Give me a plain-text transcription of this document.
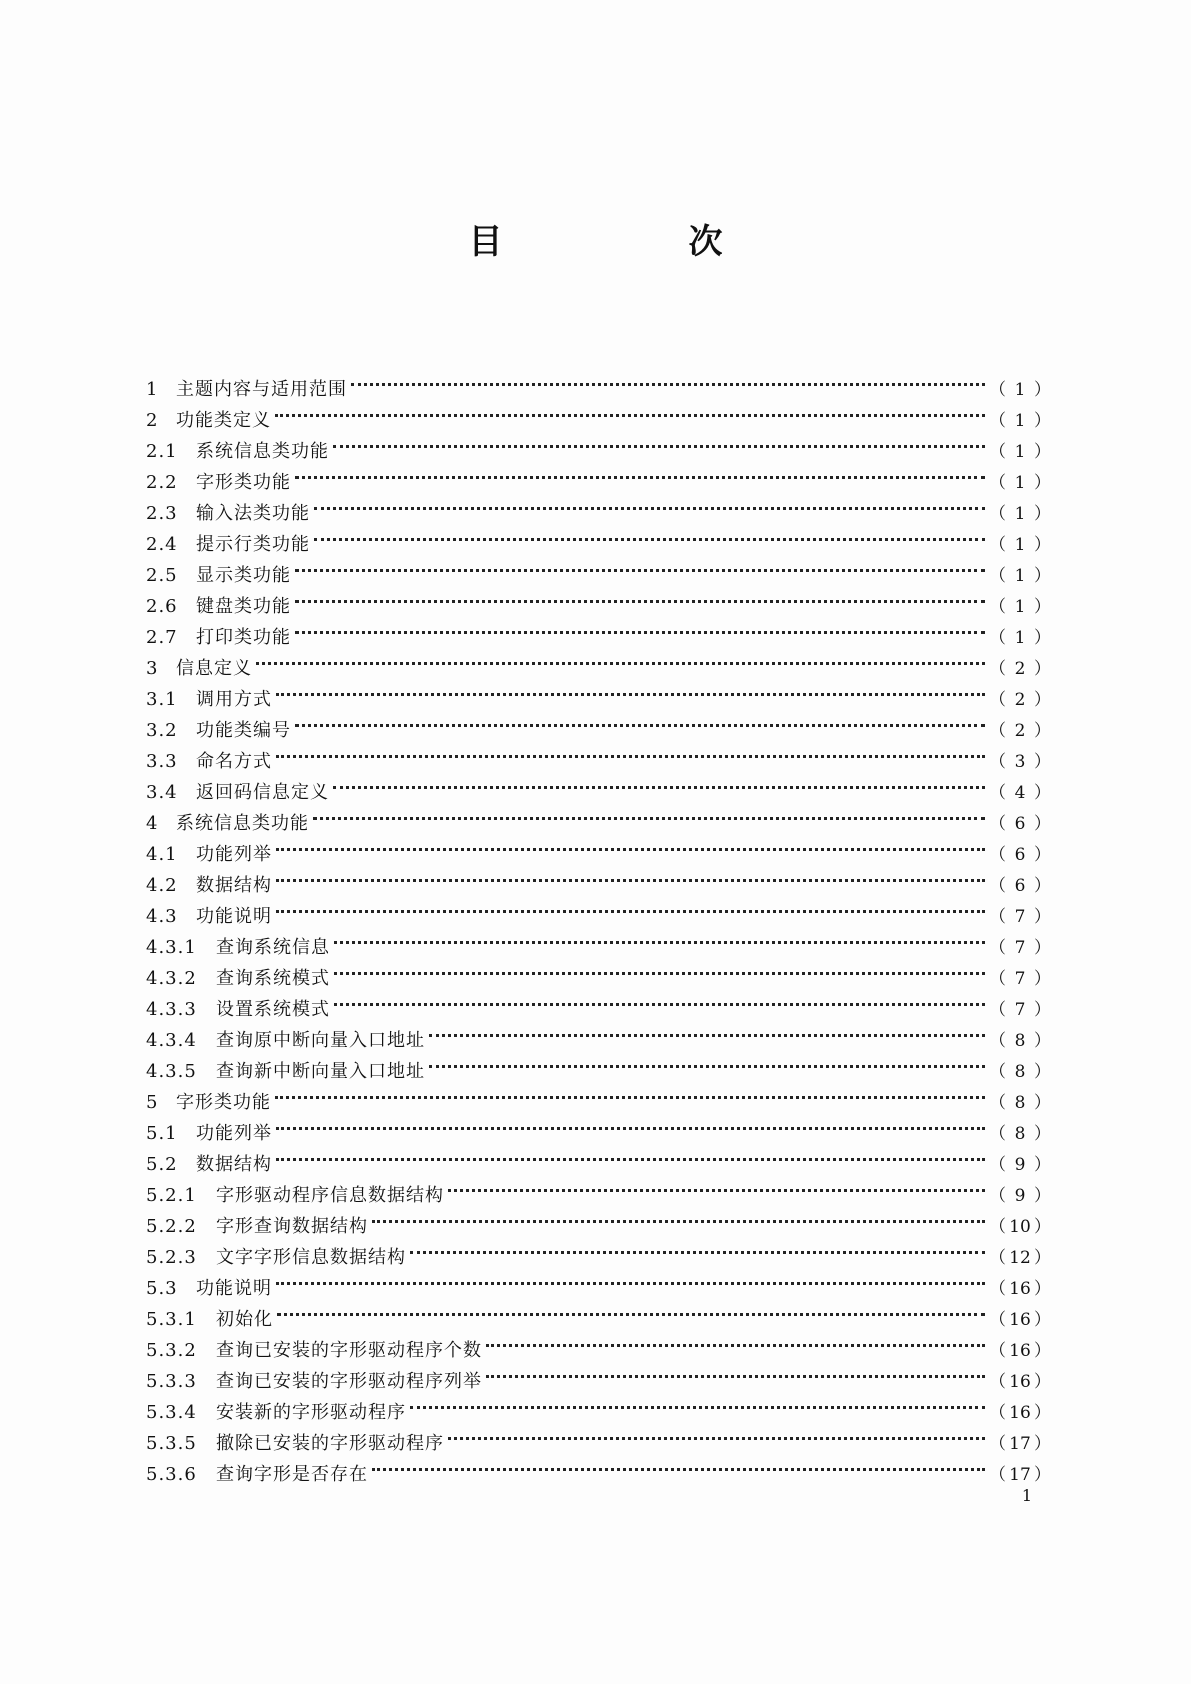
目　次
1 主题内容与适用范围	（ 1 ）
2 功能类定义	（ 1 ）
2.1	系统信息类功能	（ 1 ）
2.2	字形类功能	（ 1 ）
2.3	输入法类功能	（ 1 ）
2.4	提示行类功能	（ 1 ）
2.5	显示类功能	（ 1 ）
2.6	键盘类功能	（ 1 ）
2.7	打印类功能	（ 1 ）
3 信息定义	（ 2 ）
3.1	调用方式	（ 2 ）
3.2	功能类编号	（ 2 ）
3.3	命名方式	（ 3 ）
3.4	返回码信息定义	（ 4 ）
4 系统信息类功能	（ 6 ）
4.1	功能列举	（ 6 ）
4.2	数据结构	（ 6 ）
4.3	功能说明	（ 7 ）
4.3.1	查询系统信息	（ 7 ）
4.3.2	查询系统模式	（ 7 ）
4.3.3	设置系统模式	（ 7 ）
4.3.4	查询原中断向量入口地址	（ 8 ）
4.3.5	查询新中断向量入口地址	（ 8 ）
5 字形类功能	（ 8 ）
5.1	功能列举	（ 8 ）
5.2	数据结构	（ 9 ）
5.2.1	字形驱动程序信息数据结构	（ 9 ）
5.2.2	字形查询数据结构	（ 10 ）
5.2.3	文字字形信息数据结构	（ 12 ）
5.3	功能说明	（ 16 ）
5.3.1	初始化	（ 16 ）
5.3.2	查询已安装的字形驱动程序个数	（ 16 ）
5.3.3	查询已安装的字形驱动程序列举	（ 16 ）
5.3.4	安装新的字形驱动程序	（ 16 ）
5.3.5	撤除已安装的字形驱动程序	（ 17 ）
5.3.6	查询字形是否存在	（ 17 ）
1
